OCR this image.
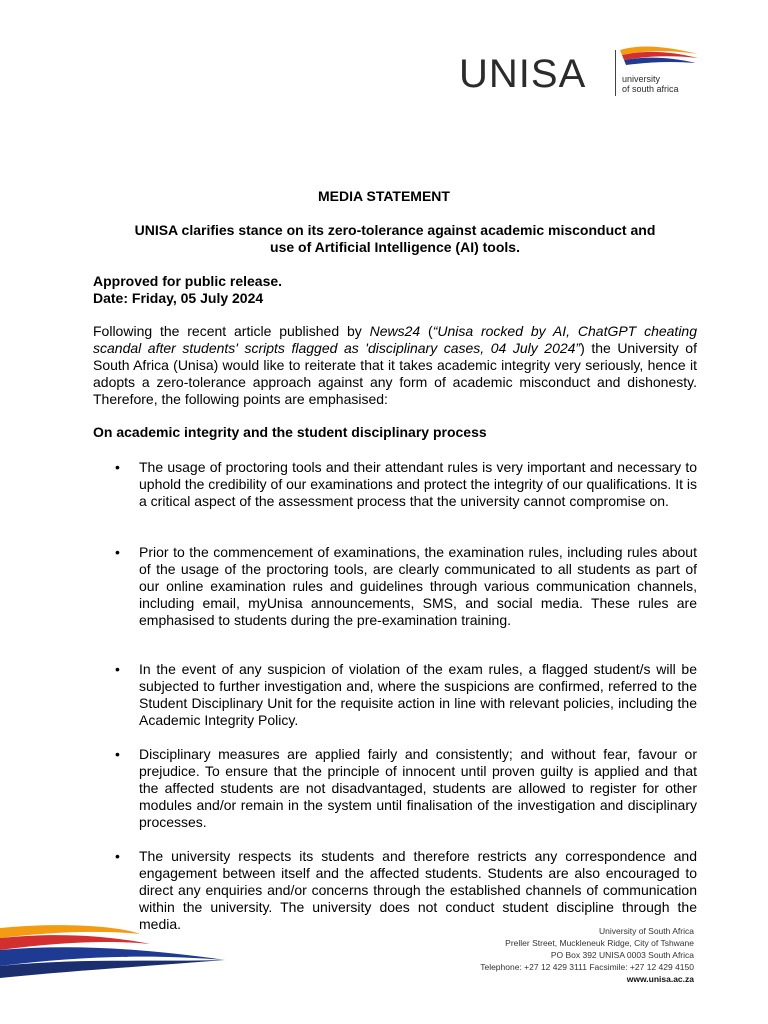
UNISA	university
of south africa
MEDIA STATEMENT
UNISA clarifies stance on its zero-tolerance against academic misconduct and
use of Artificial Intelligence (AI) tools.
Approved for public release.
Date: Friday, 05 July 2024
Following the recent article published by News24 (“Unisa rocked by AI, ChatGPT cheating scandal after students' scripts flagged as 'disciplinary cases, 04 July 2024”) the University of South Africa (Unisa) would like to reiterate that it takes academic integrity very seriously, hence it adopts a zero-tolerance approach against any form of academic misconduct and dishonesty. Therefore, the following points are emphasised:
On academic integrity and the student disciplinary process
• The usage of proctoring tools and their attendant rules is very important and necessary to uphold the credibility of our examinations and protect the integrity of our qualifications. It is a critical aspect of the assessment process that the university cannot compromise on.
• Prior to the commencement of examinations, the examination rules, including rules about of the usage of the proctoring tools, are clearly communicated to all students as part of our online examination rules and guidelines through various communication channels, including email, myUnisa announcements, SMS, and social media. These rules are emphasised to students during the pre-examination training.
• In the event of any suspicion of violation of the exam rules, a flagged student/s will be subjected to further investigation and, where the suspicions are confirmed, referred to the Student Disciplinary Unit for the requisite action in line with relevant policies, including the Academic Integrity Policy.
• Disciplinary measures are applied fairly and consistently; and without fear, favour or prejudice. To ensure that the principle of innocent until proven guilty is applied and that the affected students are not disadvantaged, students are allowed to register for other modules and/or remain in the system until finalisation of the investigation and disciplinary processes.
• The university respects its students and therefore restricts any correspondence and engagement between itself and the affected students. Students are also encouraged to direct any enquiries and/or concerns through the established channels of communication within the university. The university does not conduct student discipline through the media.	University of South Africa
Preller Street, Muckleneuk Ridge, City of Tshwane
PO Box 392 UNISA 0003 South Africa
Telephone: +27 12 429 3111 Facsimile: +27 12 429 4150
www.unisa.ac.za
